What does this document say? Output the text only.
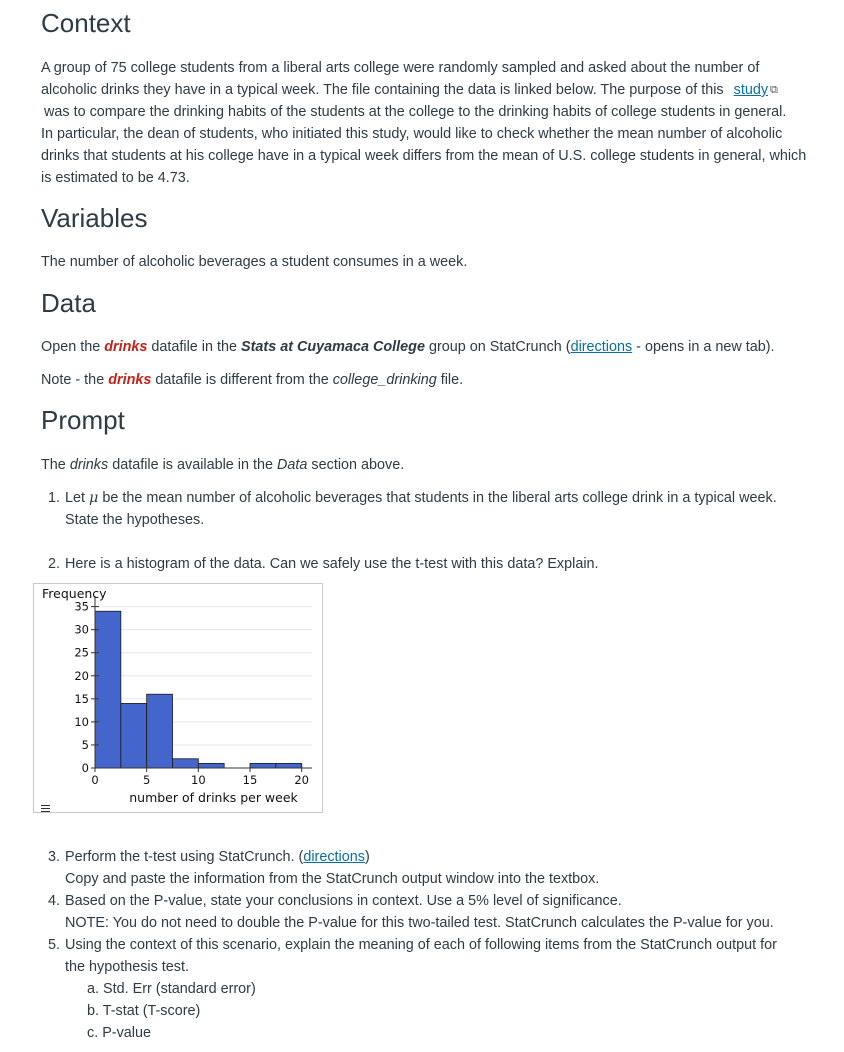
Context

A group of 75 college students from a liberal arts college were randomly sampled and asked about the number of

alcoholic drinks they have in a typical week. The file containing the data is linked below. The purpose of this study ⧉

was to compare the drinking habits of the students at the college to the drinking habits of college students in general.

In particular, the dean of students, who initiated this study, would like to check whether the mean number of alcoholic

drinks that students at his college have in a typical week differs from the mean of U.S. college students in general, which

is estimated to be 4.73.

Variables

The number of alcoholic beverages a student consumes in a week.

Data

Open the drinks datafile in the Stats at Cuyamaca College group on StatCrunch (directions - opens in a new tab).

Note - the drinks datafile is different from the college_drinking file.

Prompt

The drinks datafile is available in the Data section above.

1. Let μ be the mean number of alcoholic beverages that students in the liberal arts college drink in a typical week.
State the hypotheses.
2. Here is a histogram of the data. Can we safely use the t-test with this data? Explain.
3. Perform the t-test using StatCrunch. (directions)
Copy and paste the information from the StatCrunch output window into the textbox.
4. Based on the P-value, state your conclusions in context. Use a 5% level of significance.
NOTE: You do not need to double the P-value for this two-tailed test. StatCrunch calculates the P-value for you.
5. Using the context of this scenario, explain the meaning of each of following items from the StatCrunch output for
the hypothesis test.
a. Std. Err (standard error)
b. T-stat (T-score)
c. P-value
0
5
10
15
20
25
30
35
0	5	10	15	20
Frequency
number of drinks per week
